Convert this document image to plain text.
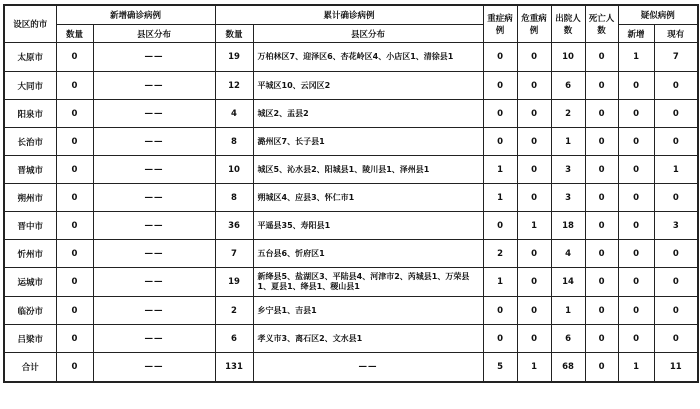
设区的市	新增确诊病例		累计确诊病例		重症病例	危重病例	出院人数	死亡人数	疑似病例	
	数量	县区分布	数量	县区分布					新增	现有
太原市	0	——	19	万柏林区7、迎泽区6、杏花岭区4、小店区1、清徐县1	0	0	10	0	1	7
大同市	0	——	12	平城区10、云冈区2	0	0	6	0	0	0
阳泉市	0	——	4	城区2、盂县2	0	0	2	0	0	0
长治市	0	——	8	潞州区7、长子县1	0	0	1	0	0	0
晋城市	0	——	10	城区5、沁水县2、阳城县1、陵川县1、泽州县1	1	0	3	0	0	1
朔州市	0	——	8	朔城区4、应县3、怀仁市1	1	0	3	0	0	0
晋中市	0	——	36	平遥县35、寿阳县1	0	1	18	0	0	3
忻州市	0	——	7	五台县6、忻府区1	2	0	4	0	0	0
运城市	0	——	19	新绛县5、盐湖区3、平陆县4、河津市2、芮城县1、万荣县1、夏县1、绛县1、稷山县1	1	0	14	0	0	0
临汾市	0	——	2	乡宁县1、吉县1	0	0	1	0	0	0
吕梁市	0	——	6	孝义市3、离石区2、文水县1	0	0	6	0	0	0
合计	0	——	131	——	5	1	68	0	1	11
